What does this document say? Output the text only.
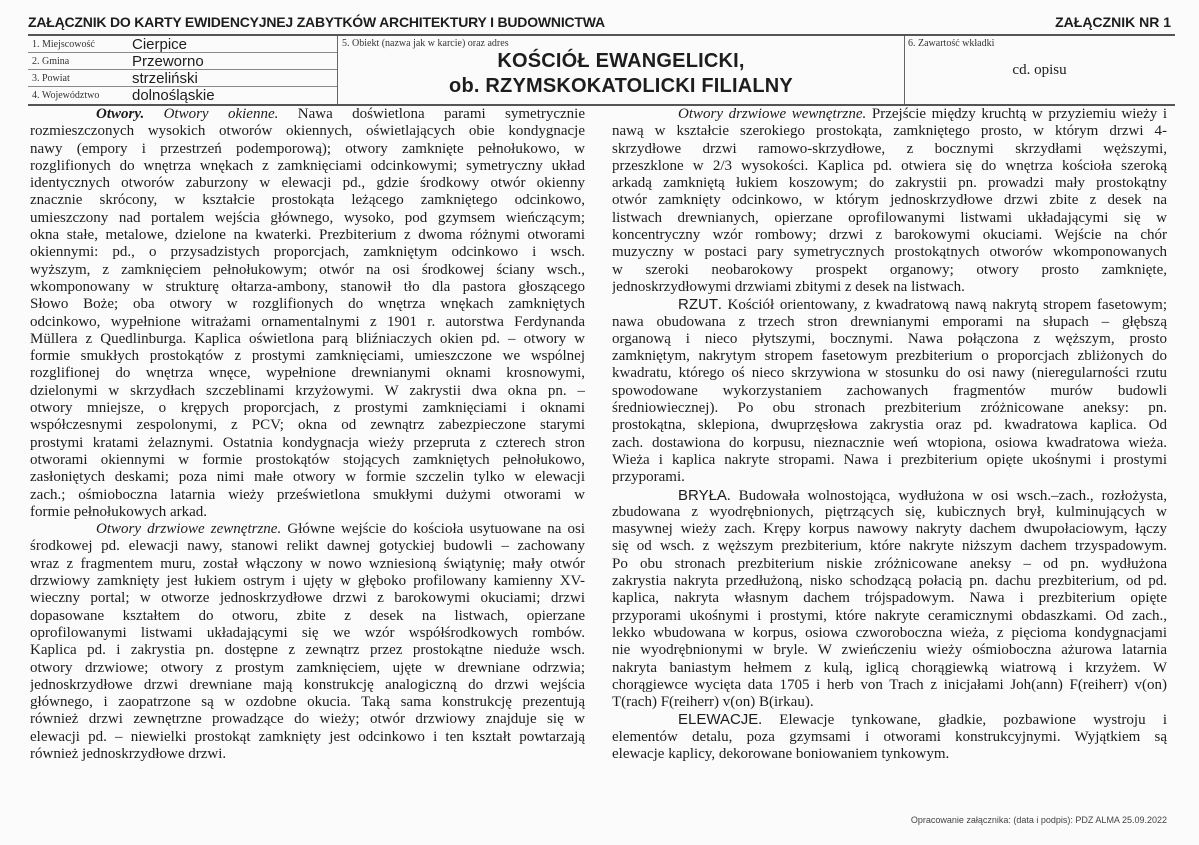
ZAŁĄCZNIK DO KARTY EWIDENCYJNEJ ZABYTKÓW ARCHITEKTURY I BUDOWNICTWA	ZAŁĄCZNIK NR 1
1. Miejscowość Cierpice
2. Gmina	Przeworno
3. Powiat	strzeliński
4. Województwo dolnośląskie
5. Obiekt (nazwa jak w karcie) oraz adres
KOŚCIÓŁ EWANGELICKI,
ob. RZYMSKOKATOLICKI FILIALNY
6. Zawartość wkładki
cd. opisu
Otwory. Otwory okienne. Nawa doświetlona parami symetrycznie
rozmieszczonych wysokich otworów okiennych, oświetlających obie kondygnacje
nawy (empory i przestrzeń podemporową); otwory zamknięte pełnołukowo, w
rozglifionych do wnętrza wnękach z zamknięciami odcinkowymi; symetryczny układ
identycznych otworów zaburzony w elewacji pd., gdzie środkowy otwór okienny
znacznie skrócony, w kształcie prostokąta leżącego zamkniętego odcinkowo,
umieszczony nad portalem wejścia głównego, wysoko, pod gzymsem wieńczącym;
okna stałe, metalowe, dzielone na kwaterki. Prezbiterium z dwoma różnymi otworami
okiennymi: pd., o przysadzistych proporcjach, zamkniętym odcinkowo i wsch.
wyższym, z zamknięciem pełnołukowym; otwór na osi środkowej ściany wsch.,
wkomponowany w strukturę ołtarza-ambony, stanowił tło dla pastora głoszącego
Słowo Boże; oba otwory w rozglifionych do wnętrza wnękach zamkniętych
odcinkowo, wypełnione witrażami ornamentalnymi z 1901 r. autorstwa Ferdynanda
Müllera z Quedlinburga. Kaplica oświetlona parą bliźniaczych okien pd. – otwory w
formie smukłych prostokątów z prostymi zamknięciami, umieszczone we wspólnej
rozglifionej do wnętrza wnęce, wypełnione drewnianymi oknami krosnowymi,
dzielonymi w skrzydłach szczeblinami krzyżowymi. W zakrystii dwa okna pn. –
otwory mniejsze, o krępych proporcjach, z prostymi zamknięciami i oknami
współczesnymi zespolonymi, z PCV; okna od zewnątrz zabezpieczone starymi
prostymi kratami żelaznymi. Ostatnia kondygnacja wieży przepruta z czterech stron
otworami okiennymi w formie prostokątów stojących zamkniętych pełnołukowo,
zasłoniętych deskami; poza nimi małe otwory w formie szczelin tylko w elewacji
zach.; ośmioboczna latarnia wieży prześwietlona smukłymi dużymi otworami w
formie pełnołukowych arkad.
Otwory drzwiowe zewnętrzne. Główne wejście do kościoła usytuowane na osi
środkowej pd. elewacji nawy, stanowi relikt dawnej gotyckiej budowli – zachowany
wraz z fragmentem muru, został włączony w nowo wzniesioną świątynię; mały otwór
drzwiowy zamknięty jest łukiem ostrym i ujęty w głęboko profilowany kamienny XV-
wieczny portal; w otworze jednoskrzydłowe drzwi z barokowymi okuciami; drzwi
dopasowane kształtem do otworu, zbite z desek na listwach, opierzane
oprofilowanymi listwami układającymi się we wzór współśrodkowych rombów.
Kaplica pd. i zakrystia pn. dostępne z zewnątrz przez prostokątne nieduże wsch.
otwory drzwiowe; otwory z prostym zamknięciem, ujęte w drewniane odrzwia;
jednoskrzydłowe drzwi drewniane mają konstrukcję analogiczną do drzwi wejścia
głównego, i zaopatrzone są w ozdobne okucia. Taką sama konstrukcję prezentują
również drzwi zewnętrzne prowadzące do wieży; otwór drzwiowy znajduje się w
elewacji pd. – niewielki prostokąt zamknięty jest odcinkowo i ten kształt powtarzają
również jednoskrzydłowe drzwi.
Otwory drzwiowe wewnętrzne. Przejście między kruchtą w przyziemiu wieży i
nawą w kształcie szerokiego prostokąta, zamkniętego prosto, w którym drzwi 4-
skrzydłowe drzwi ramowo-skrzydłowe, z bocznymi skrzydłami węższymi,
przeszklone w 2/3 wysokości. Kaplica pd. otwiera się do wnętrza kościoła szeroką
arkadą zamkniętą łukiem koszowym; do zakrystii pn. prowadzi mały prostokątny
otwór zamknięty odcinkowo, w którym jednoskrzydłowe drzwi zbite z desek na
listwach drewnianych, opierzane oprofilowanymi listwami układającymi się w
koncentryczny wzór rombowy; drzwi z barokowymi okuciami. Wejście na chór
muzyczny w postaci pary symetrycznych prostokątnych otworów wkomponowanych
w szeroki neobarokowy prospekt organowy; otwory prosto zamknięte,
jednoskrzydłowymi drzwiami zbitymi z desek na listwach.
RZUT. Kościół orientowany, z kwadratową nawą nakrytą stropem fasetowym;
nawa obudowana z trzech stron drewnianymi emporami na słupach – głębszą
organową i nieco płytszymi, bocznymi. Nawa połączona z węższym, prosto
zamkniętym, nakrytym stropem fasetowym prezbiterium o proporcjach zbliżonych do
kwadratu, którego oś nieco skrzywiona w stosunku do osi nawy (nieregularności rzutu
spowodowane wykorzystaniem zachowanych fragmentów murów budowli
średniowiecznej). Po obu stronach prezbiterium zróżnicowane aneksy: pn.
prostokątna, sklepiona, dwuprzęsłowa zakrystia oraz pd. kwadratowa kaplica. Od
zach. dostawiona do korpusu, nieznacznie weń wtopiona, osiowa kwadratowa wieża.
Wieża i kaplica nakryte stropami. Nawa i prezbiterium opięte ukośnymi i prostymi
przyporami.
BRYŁA. Budowała wolnostojąca, wydłużona w osi wsch.–zach., rozłożysta,
zbudowana z wyodrębnionych, piętrzących się, kubicznych brył, kulminujących w
masywnej wieży zach. Krępy korpus nawowy nakryty dachem dwupołaciowym, łączy
się od wsch. z węższym prezbiterium, które nakryte niższym dachem trzyspadowym.
Po obu stronach prezbiterium niskie zróżnicowane aneksy – od pn. wydłużona
zakrystia nakryta przedłużoną, nisko schodzącą połacią pn. dachu prezbiterium, od pd.
kaplica, nakryta własnym dachem trójspadowym. Nawa i prezbiterium opięte
przyporami ukośnymi i prostymi, które nakryte ceramicznymi obdaszkami. Od zach.,
lekko wbudowana w korpus, osiowa czworoboczna wieża, z pięcioma kondygnacjami
nie wyodrębnionymi w bryle. W zwieńczeniu wieży ośmioboczna ażurowa latarnia
nakryta baniastym hełmem z kulą, iglicą chorągiewką wiatrową i krzyżem. W
chorągiewce wycięta data 1705 i herb von Trach z inicjałami Joh(ann) F(reiherr) v(on)
T(rach) F(reiherr) v(on) B(irkau).
ELEWACJE. Elewacje tynkowane, gładkie, pozbawione wystroju i
elementów detalu, poza gzymsami i otworami konstrukcyjnymi. Wyjątkiem są
elewacje kaplicy, dekorowane boniowaniem tynkowym.
Opracowanie załącznika: (data i podpis): PDZ ALMA 25.09.2022
